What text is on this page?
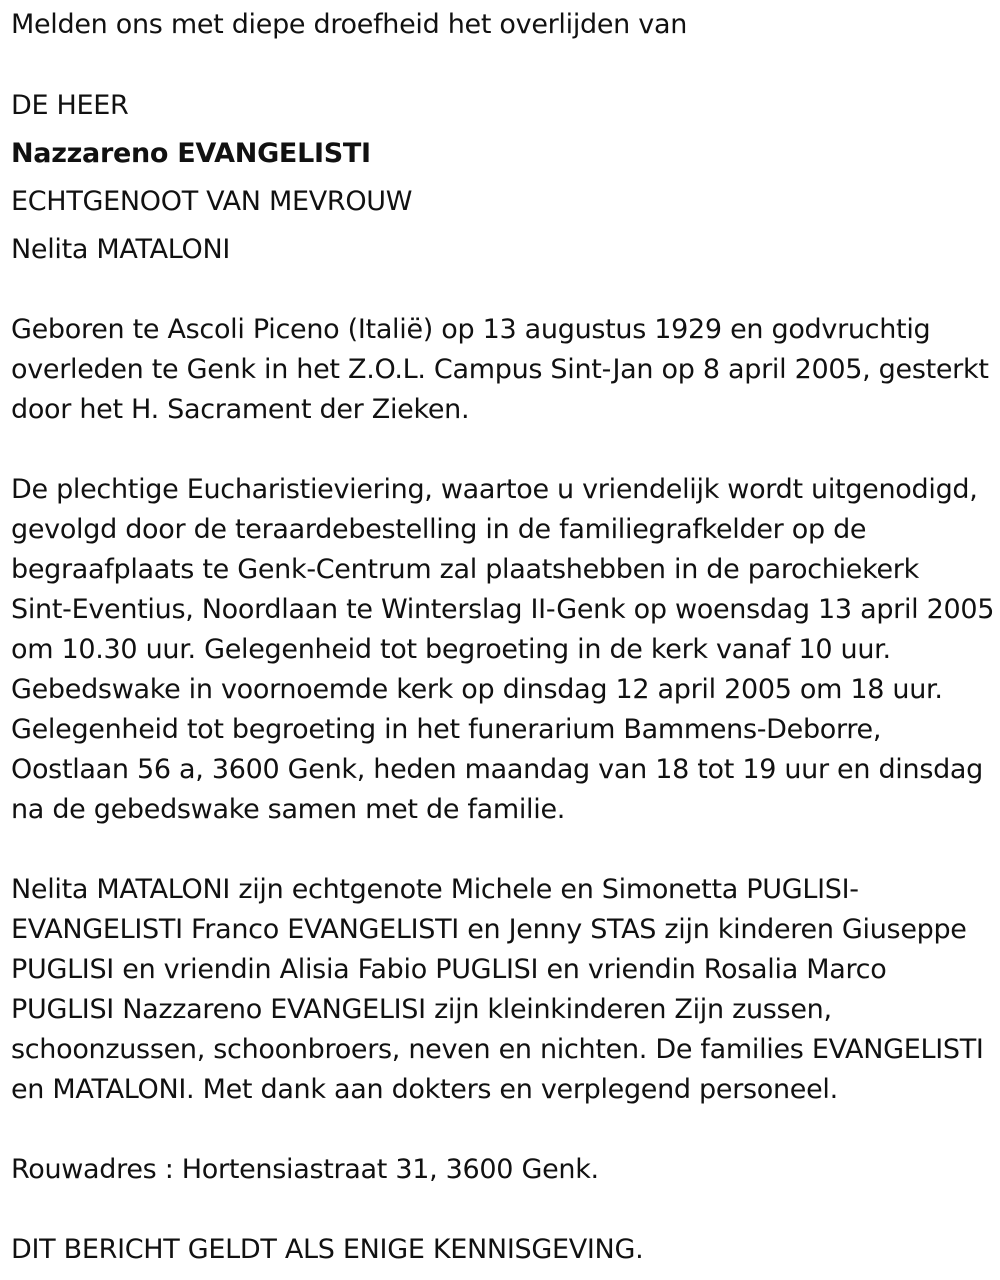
Melden ons met diepe droefheid het overlijden van
DE HEER
Nazzareno EVANGELISTI
ECHTGENOOT VAN MEVROUW
Nelita MATALONI
Geboren te Ascoli Piceno (Italië) op 13 augustus 1929 en godvruchtig
overleden te Genk in het Z.O.L. Campus Sint-Jan op 8 april 2005, gesterkt
door het H. Sacrament der Zieken.
De plechtige Eucharistieviering, waartoe u vriendelijk wordt uitgenodigd,
gevolgd door de teraardebestelling in de familiegrafkelder op de
begraafplaats te Genk-Centrum zal plaatshebben in de parochiekerk
Sint-Eventius, Noordlaan te Winterslag II-Genk op woensdag 13 april 2005
om 10.30 uur. Gelegenheid tot begroeting in de kerk vanaf 10 uur.
Gebedswake in voornoemde kerk op dinsdag 12 april 2005 om 18 uur.
Gelegenheid tot begroeting in het funerarium Bammens-Deborre,
Oostlaan 56 a, 3600 Genk, heden maandag van 18 tot 19 uur en dinsdag
na de gebedswake samen met de familie.
Nelita MATALONI zijn echtgenote Michele en Simonetta PUGLISI-
EVANGELISTI Franco EVANGELISTI en Jenny STAS zijn kinderen Giuseppe
PUGLISI en vriendin Alisia Fabio PUGLISI en vriendin Rosalia Marco
PUGLISI Nazzareno EVANGELISI zijn kleinkinderen Zijn zussen,
schoonzussen, schoonbroers, neven en nichten. De families EVANGELISTI
en MATALONI. Met dank aan dokters en verplegend personeel.
Rouwadres : Hortensiastraat 31, 3600 Genk.
DIT BERICHT GELDT ALS ENIGE KENNISGEVING.
